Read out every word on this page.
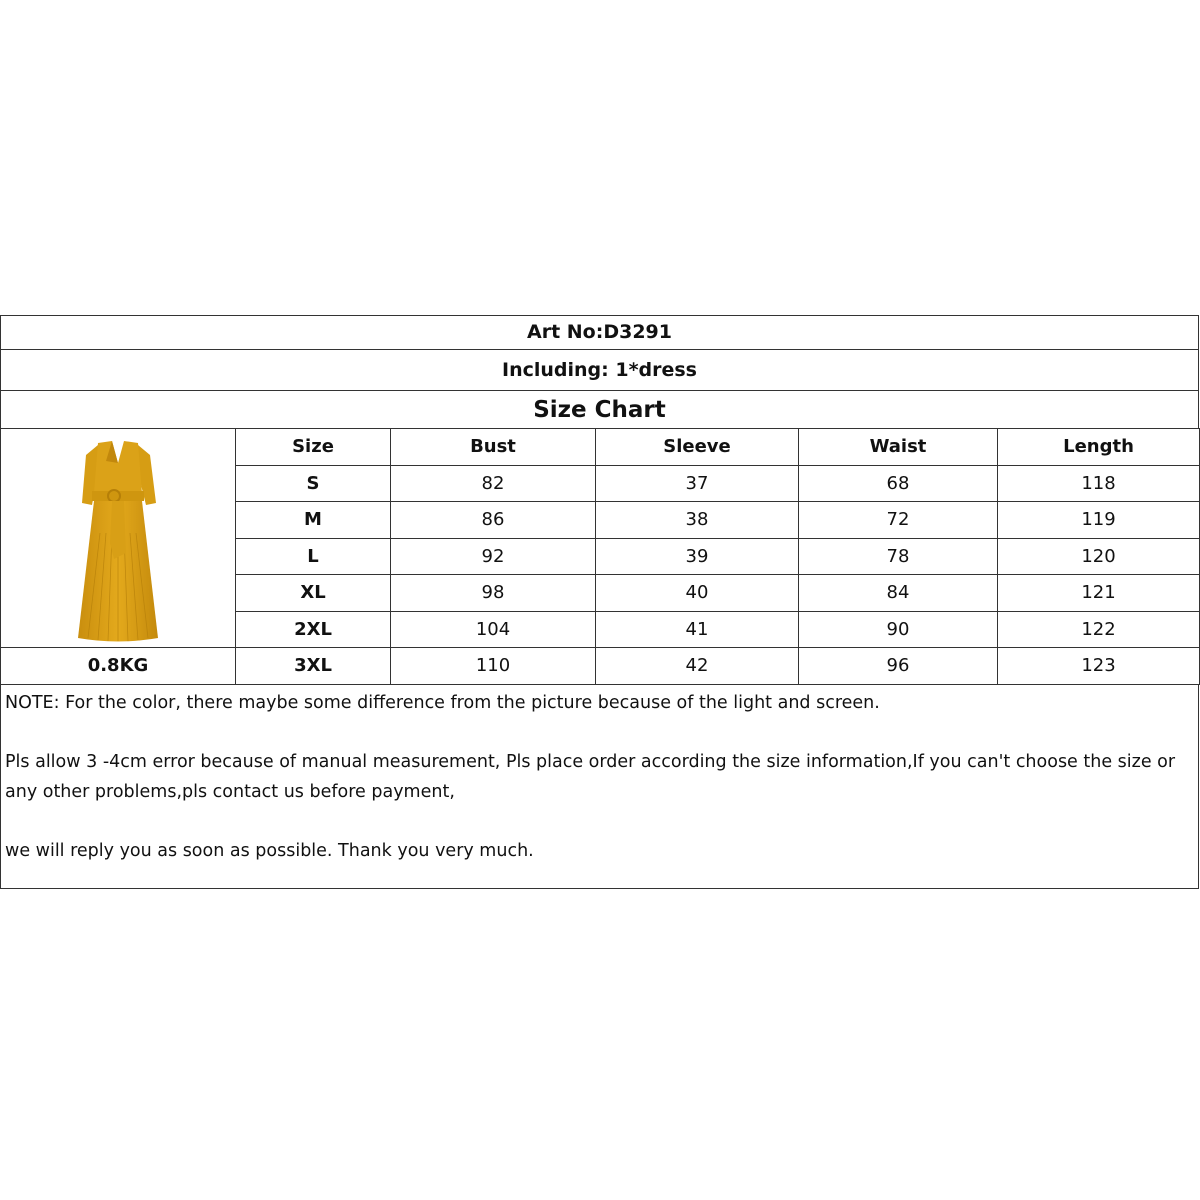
Art No:D3291
Including: 1*dress
Size Chart
	Size	Bust	Sleeve	Waist	Length
	S	82	37	68	118
	M	86	38	72	119
	L	92	39	78	120
	XL	98	40	84	121
	2XL	104	41	90	122
0.8KG	3XL	110	42	96	123

NOTE: For the color, there maybe some difference from the picture because of the light and screen.

Pls allow 3 -4cm error because of manual measurement, Pls place order according the size information,If you can't choose the size or any other problems,pls contact us before payment,

we will reply you as soon as possible. Thank you very much.
